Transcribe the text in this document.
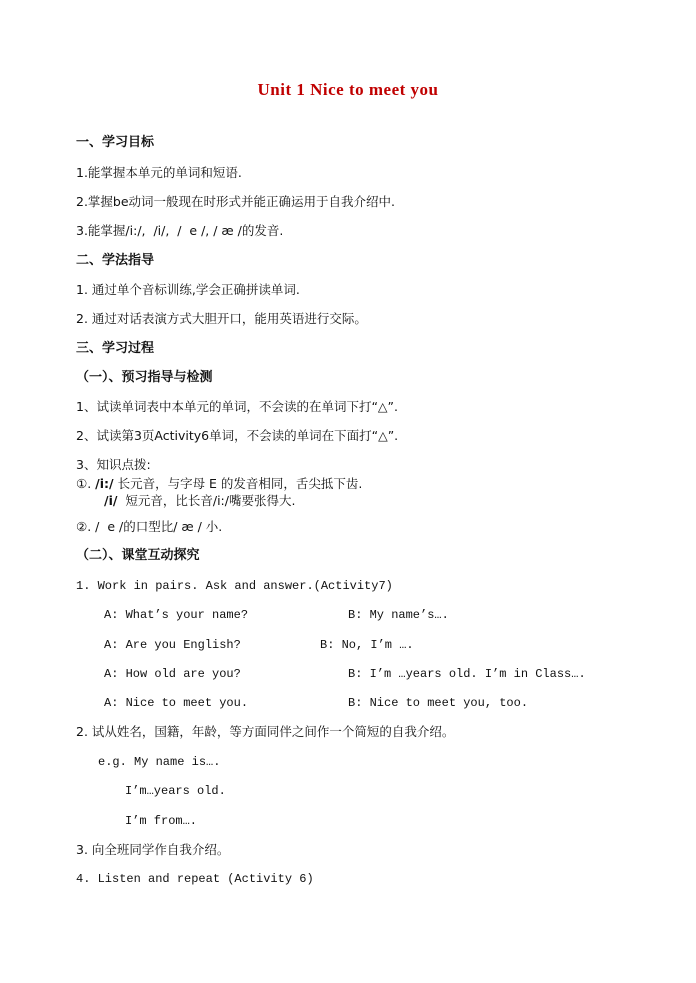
Unit 1 Nice to meet you

一、学习目标

1.能掌握本单元的单词和短语.

2.掌握be动词一般现在时形式并能正确运用于自我介绍中.

3.能掌握/i:/,  /i/,  /  e /, / æ /的发音.

二、学法指导

1. 通过单个音标训练,学会正确拼读单词.

2. 通过对话表演方式大胆开口，能用英语进行交际。

三、学习过程

（一）、预习指导与检测

1、试读单词表中本单元的单词，不会读的在单词下打“△”.

2、试读第3页Activity6单词，不会读的单词在下面打“△”.

3、知识点拨:

①. /i:/ 长元音，与字母 E 的发音相同，舌尖抵下齿.

/i/  短元音，比长音/i:/嘴要张得大.

②. /  e /的口型比/ æ / 小.

（二）、课堂互动探究

1. Work in pairs. Ask and answer.(Activity7)

A: What’s your name?	B: My name’s….

A: Are you English?	B: No, I’m ….

A: How old are you?	B: I’m …years old. I’m in Class….

A: Nice to meet you.	B: Nice to meet you, too.

2. 试从姓名，国籍，年龄，等方面同伴之间作一个简短的自我介绍。

e.g. My name is….

I’m…years old.

I’m from….

3. 向全班同学作自我介绍。

4. Listen and repeat (Activity 6)
